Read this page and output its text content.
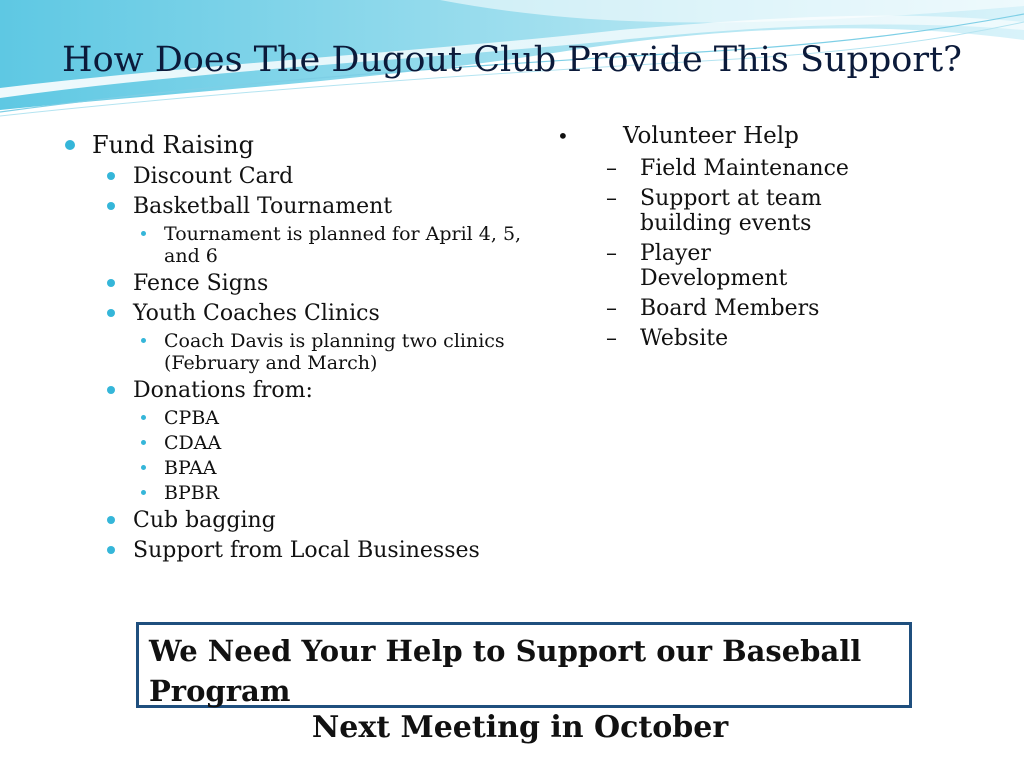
How Does The Dugout Club Provide This Support?
Fund Raising
Discount Card
Basketball Tournament
Tournament is planned for April 4, 5, and 6
Fence Signs
Youth Coaches Clinics
Coach Davis is planning two clinics (February and March)
Donations from:
CPBA
CDAA
BPAA
BPBR
Cub bagging
Support from Local Businesses
• Volunteer Help
– Field Maintenance
– Support at team building events
– Player Development
– Board Members
– Website
We Need Your Help to Support our Baseball Program
Next Meeting in October
